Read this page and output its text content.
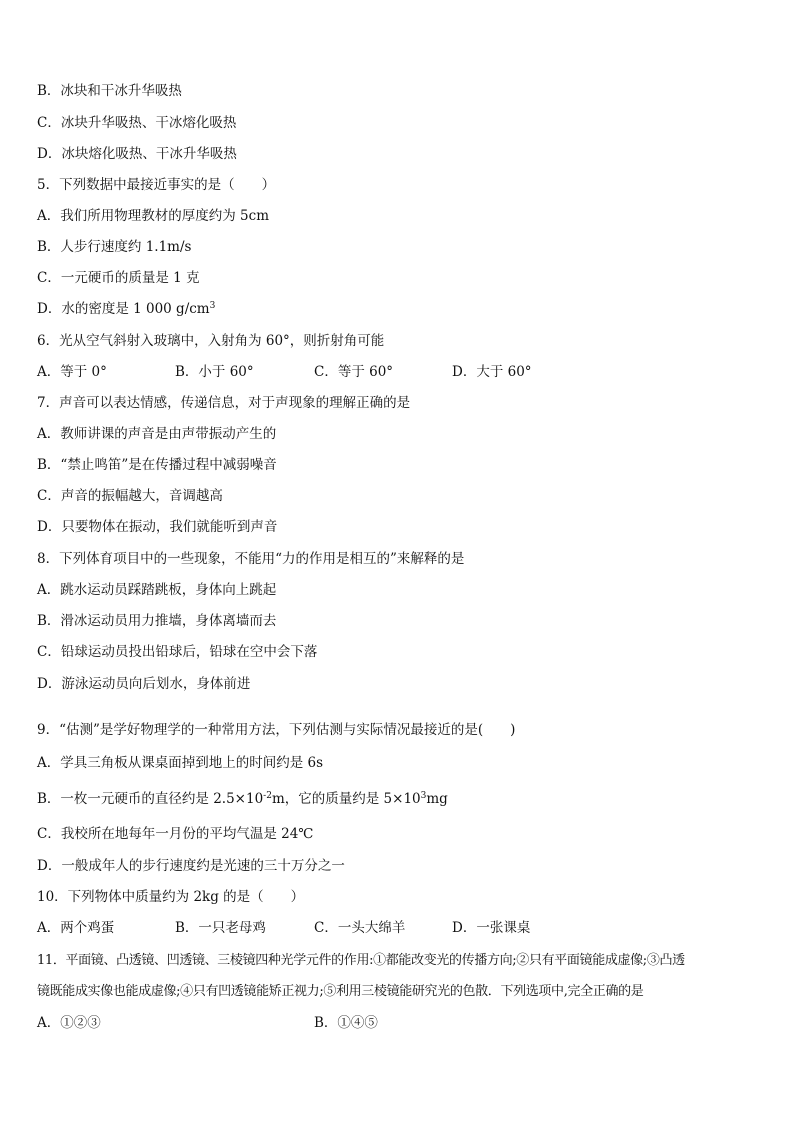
B．冰块和干冰升华吸热
C．冰块升华吸热、干冰熔化吸热
D．冰块熔化吸热、干冰升华吸热
5．下列数据中最接近事实的是（　　）
A．我们所用物理教材的厚度约为 5cm
B．人步行速度约 1.1m/s
C．一元硬币的质量是 1 克
D．水的密度是 1 000 $g/cm^3$
6．光从空气斜射入玻璃中，入射角为 60°，则折射角可能
A．等于 0°	B．小于 60°	C．等于 60°	D．大于 60°
7．声音可以表达情感，传递信息，对于声现象的理解正确的是
A．教师讲课的声音是由声带振动产生的
B．“禁止鸣笛”是在传播过程中减弱噪音
C．声音的振幅越大，音调越高
D．只要物体在振动，我们就能听到声音
8．下列体育项目中的一些现象，不能用“力的作用是相互的”来解释的是
A．跳水运动员踩踏跳板，身体向上跳起
B．滑冰运动员用力推墙，身体离墙而去
C．铅球运动员投出铅球后，铅球在空中会下落
D．游泳运动员向后划水，身体前进
9．“估测”是学好物理学的一种常用方法，下列估测与实际情况最接近的是(　　)
A．学具三角板从课桌面掉到地上的时间约是 6s
B．一枚一元硬币的直径约是 $2.5\times 10^{-2}m$，它的质量约是 $5\times 10^3mg$
C．我校所在地每年一月份的平均气温是 24℃
D．一般成年人的步行速度约是光速的三十万分之一
10．下列物体中质量约为 2kg 的是（　　）
A．两个鸡蛋	B．一只老母鸡	C．一头大绵羊	D．一张课桌
11．平面镜、凸透镜、凹透镜、三棱镜四种光学元件的作用:①都能改变光的传播方向;②只有平面镜能成虚像;③凸透
镜既能成实像也能成虚像;④只有凹透镜能矫正视力;⑤利用三棱镜能研究光的色散．下列选项中,完全正确的是
A．①②③	B．①④⑤
